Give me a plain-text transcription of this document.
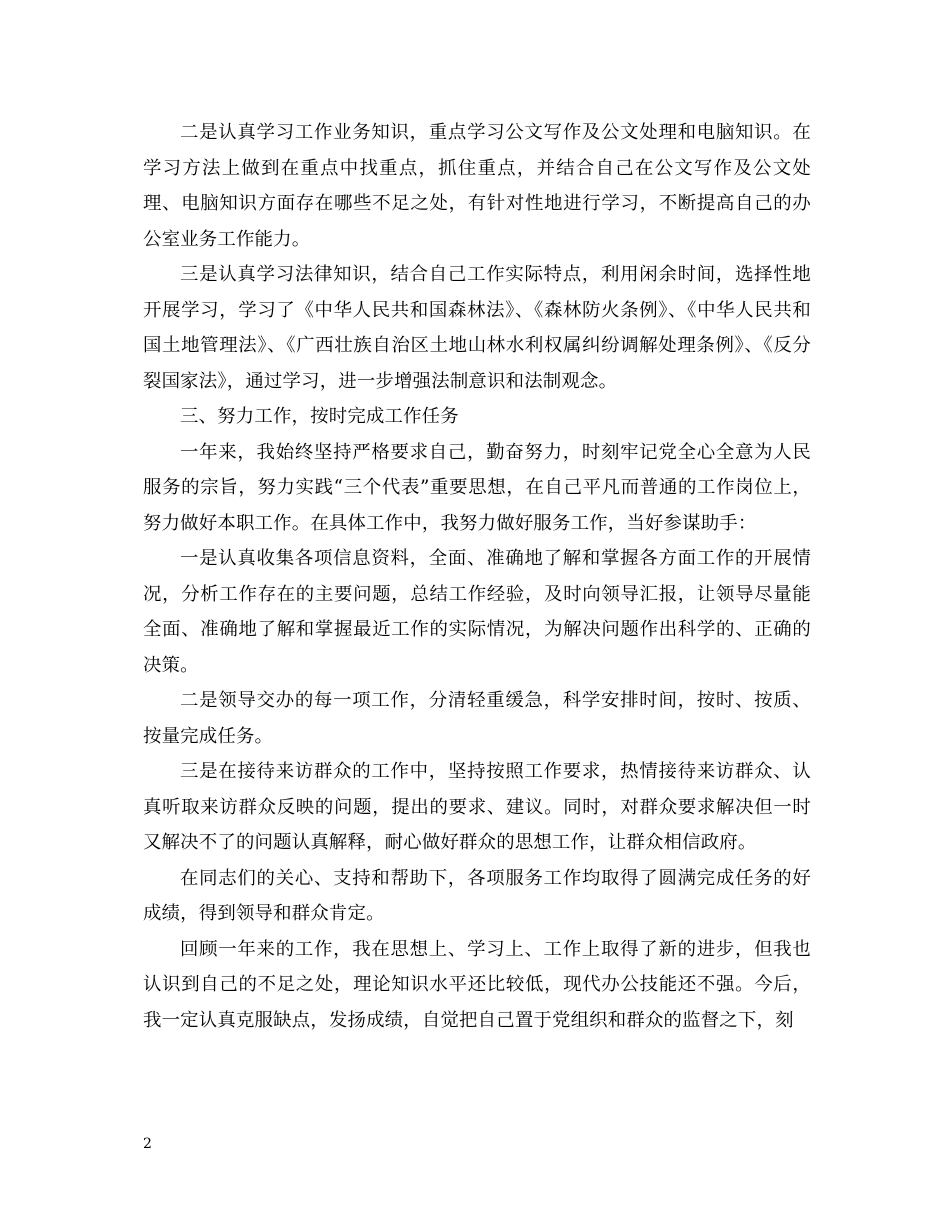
二是认真学习工作业务知识，重点学习公文写作及公文处理和电脑知识。在学习方法上做到在重点中找重点，抓住重点，并结合自己在公文写作及公文处理、电脑知识方面存在哪些不足之处，有针对性地进行学习，不断提高自己的办公室业务工作能力。

三是认真学习法律知识，结合自己工作实际特点，利用闲余时间，选择性地开展学习，学习了《中华人民共和国森林法》、《森林防火条例》、《中华人民共和国土地管理法》、《广西壮族自治区土地山林水利权属纠纷调解处理条例》、《反分裂国家法》，通过学习，进一步增强法制意识和法制观念。

三、努力工作，按时完成工作任务

一年来，我始终坚持严格要求自己，勤奋努力，时刻牢记党全心全意为人民服务的宗旨，努力实践“三个代表”重要思想，在自己平凡而普通的工作岗位上，努力做好本职工作。在具体工作中，我努力做好服务工作，当好参谋助手：

一是认真收集各项信息资料，全面、准确地了解和掌握各方面工作的开展情况，分析工作存在的主要问题，总结工作经验，及时向领导汇报，让领导尽量能全面、准确地了解和掌握最近工作的实际情况，为解决问题作出科学的、正确的决策。

二是领导交办的每一项工作，分清轻重缓急，科学安排时间，按时、按质、按量完成任务。

三是在接待来访群众的工作中，坚持按照工作要求，热情接待来访群众、认真听取来访群众反映的问题，提出的要求、建议。同时，对群众要求解决但一时又解决不了的问题认真解释，耐心做好群众的思想工作，让群众相信政府。

在同志们的关心、支持和帮助下，各项服务工作均取得了圆满完成任务的好成绩，得到领导和群众肯定。

回顾一年来的工作，我在思想上、学习上、工作上取得了新的进步，但我也认识到自己的不足之处，理论知识水平还比较低，现代办公技能还不强。今后，我一定认真克服缺点，发扬成绩，自觉把自己置于党组织和群众的监督之下，刻

2
